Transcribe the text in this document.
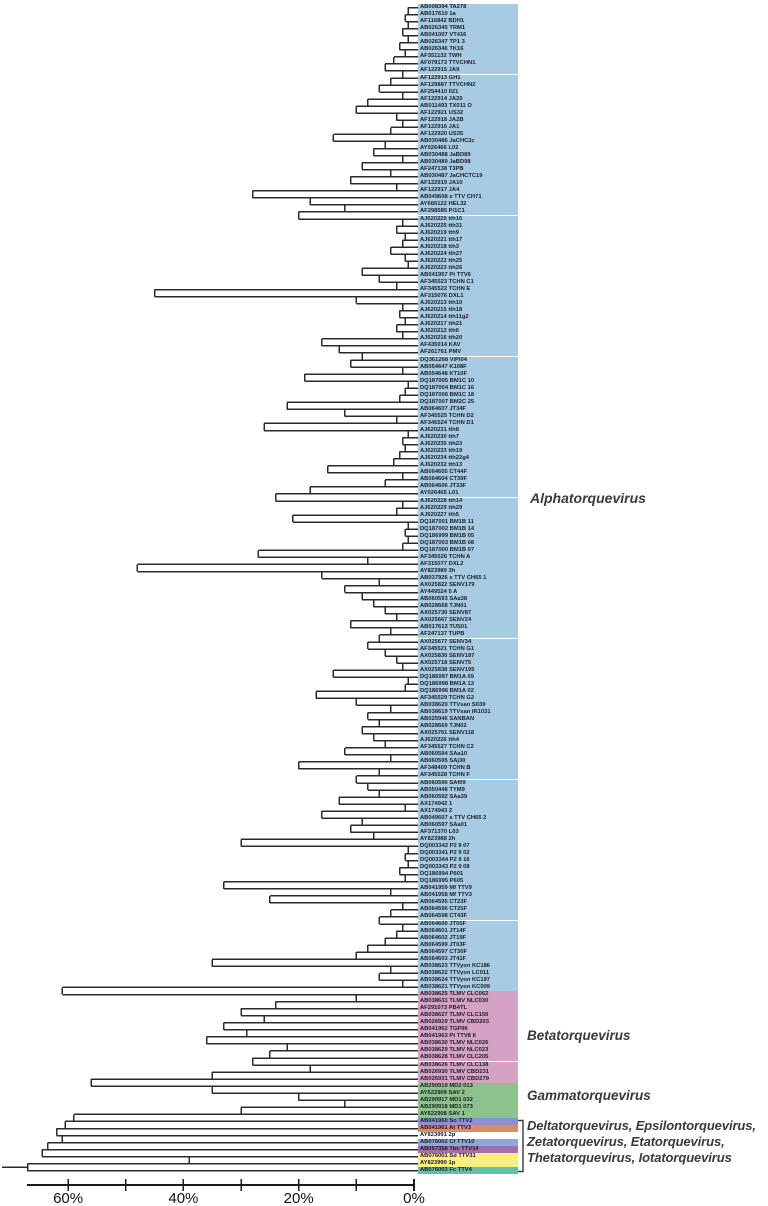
60%	40%	20%	0%
AB008394 TA278
AB017610 1a
AF116842 BDH1
AB026345 TRM1
AB041007 VT416
AB026347 TP1 3
AB026346 TK16
AF351132 TWH
AF079173 TTVCHN1
AF122915 JA9
AF122913 GH1
AF129887 TTVCHN2
AF254410 021
AF122914 JA20
AB011493 TX011 O
AF122921 US32
AF122918 JA2B
AF122916 JA1
AF122920 US35
AB030486 JaCHC2c
AY026466 L02
AB030488 JaBD89
AB030489 JaBD98
AF247138 T3PB
AB030487 JaCHCTC19
AF122919 JA10
AF122917 JA4
AB049608 s TTV CH71
AY666122 HEL32
AF298585 P/1C1
AJ620220 tth16
AJ620225 tth31
AJ620219 tth9
AJ620221 tth17
AJ620218 tth3
AJ620224 tth27
AJ620222 tth25
AJ620223 tth26
AB041957 Pt TTV6
AF345523 TCHN C1
AF345522 TCHN E
AF315076 DXL1
AJ620213 tth10
AJ620215 tth18
AJ620214 tth11g2
AJ620217 tth21
AJ620212 tth6
AJ620216 tth20
AF435014 KAV
AF261761 PMV
DQ361268 ViPi04
AB054647 K108F
AB054648 KT10F
DQ187005 BM1C 10
DQ187004 BM1C 16
DQ187006 BM1C 18
DQ187007 BM2C 25
AB064607 JT34F
AF345525 TCHN D2
AF345524 TCHN D1
AJ620231 tth8
AJ620230 tth7
AJ620235 tth23
AJ620233 tth19
AJ620234 tth22g4
AJ620232 tth13
AB064605 CT44F
AB064604 CT39F
AB064606 JT33F
AY026465 L01
AJ620228 tth14
AJ620229 tth29
AJ620227 tth5
DQ187001 BM1B 11
DQ187002 BM1B 14
DQ186999 BM1B 05
DQ187003 BM1B 08
DQ187000 BM1B 07
AF345526 TCHN A
AF315077 DXL2
AY823989 3h
AB037926 s TTV CH65 1
AX025822 SENV179
AY449524 5 A
AB060593 SAa38
AB028668 TJN01
AX025730 SENV87
AX025667 SENV24
AB017613 TUS01
AF247137 TUPB
AX025677 SENV34
AF345521 TCHN G1
AX025830 SENV187
AX025718 SENV75
AX025838 SENV195
DQ186997 BM1A 09
DQ186998 BM1A 13
DQ186996 BM1A 02
AF345529 TCHN G2
AB038620 TTVsan S039
AB038619 TTVsan IR1031
AB025946 SANBAN
AB028669 TJN02
AX025761 SENV118
AJ620226 tth4
AF345527 TCHN C2
AB060594 SAa10
AB060595 SAj30
AF348409 TCHN B
AF345528 TCHN F
AB060596 SAf09
AB050448 TYM9
AB060592 SAa39
AX174942 1
AX174943 2
AB049607 s TTV CH65 2
AB060597 SAa01
AF371370 L03
AY823988 2h
DQ003342 P2 9 07
DQ003341 P2 9 02
DQ003344 P2 9 16
DQ003343 P2 9 08
DQ186994 P601
DQ186995 P605
AB041959 Mf TTV9
AB041958 Mf TTV3
AB064595 CT23F
AB064596 CT25F
AB064598 CT43F
AB064600 JT05F
AB064601 JT14F
AB064602 JT19F
AB064599 JT03F
AB064597 CT30F
AB064603 JT41F
AB038623 TTVyon KC186
AB038622 TTVyon LC011
AB038624 TTVyon KC197
AB038621 TTVyon KC009
AB038625 TLMV CLC062
AB038631 TLMV NLC030
AF291073 PB4TL
AB038627 TLMV CLC156
AB026929 TLMV CBD203
AB041962 TGP96
AB041963 Pt TTV8 II
AB038630 TLMV NLC026
AB038629 TLMV NLC023
AB038628 TLMV CLC205
AB038626 TLMV CLC138
AB026930 TLMV CBD231
AB026931 TLMV CBD279
AB290919 MD2 013
AY622909 SAV 2
AB290917 MD1 032
AB290918 MD1 073
AY622908 SAV 1
AB041960 So TTV2
AB041961 At TTV3
AY823991 2p
AB076002 Cf TTV10
AB057358 Tbc TTV14
AB076001 Sd TTV31
AY823990 1p
AB076003 Fc TTV4
Alphatorquevirus
Betatorquevirus
Gammatorquevirus
Deltatorquevirus, Epsilontorquevirus,
Zetatorquevirus, Etatorquevirus,
Thetatorquevirus, Iotatorquevirus
